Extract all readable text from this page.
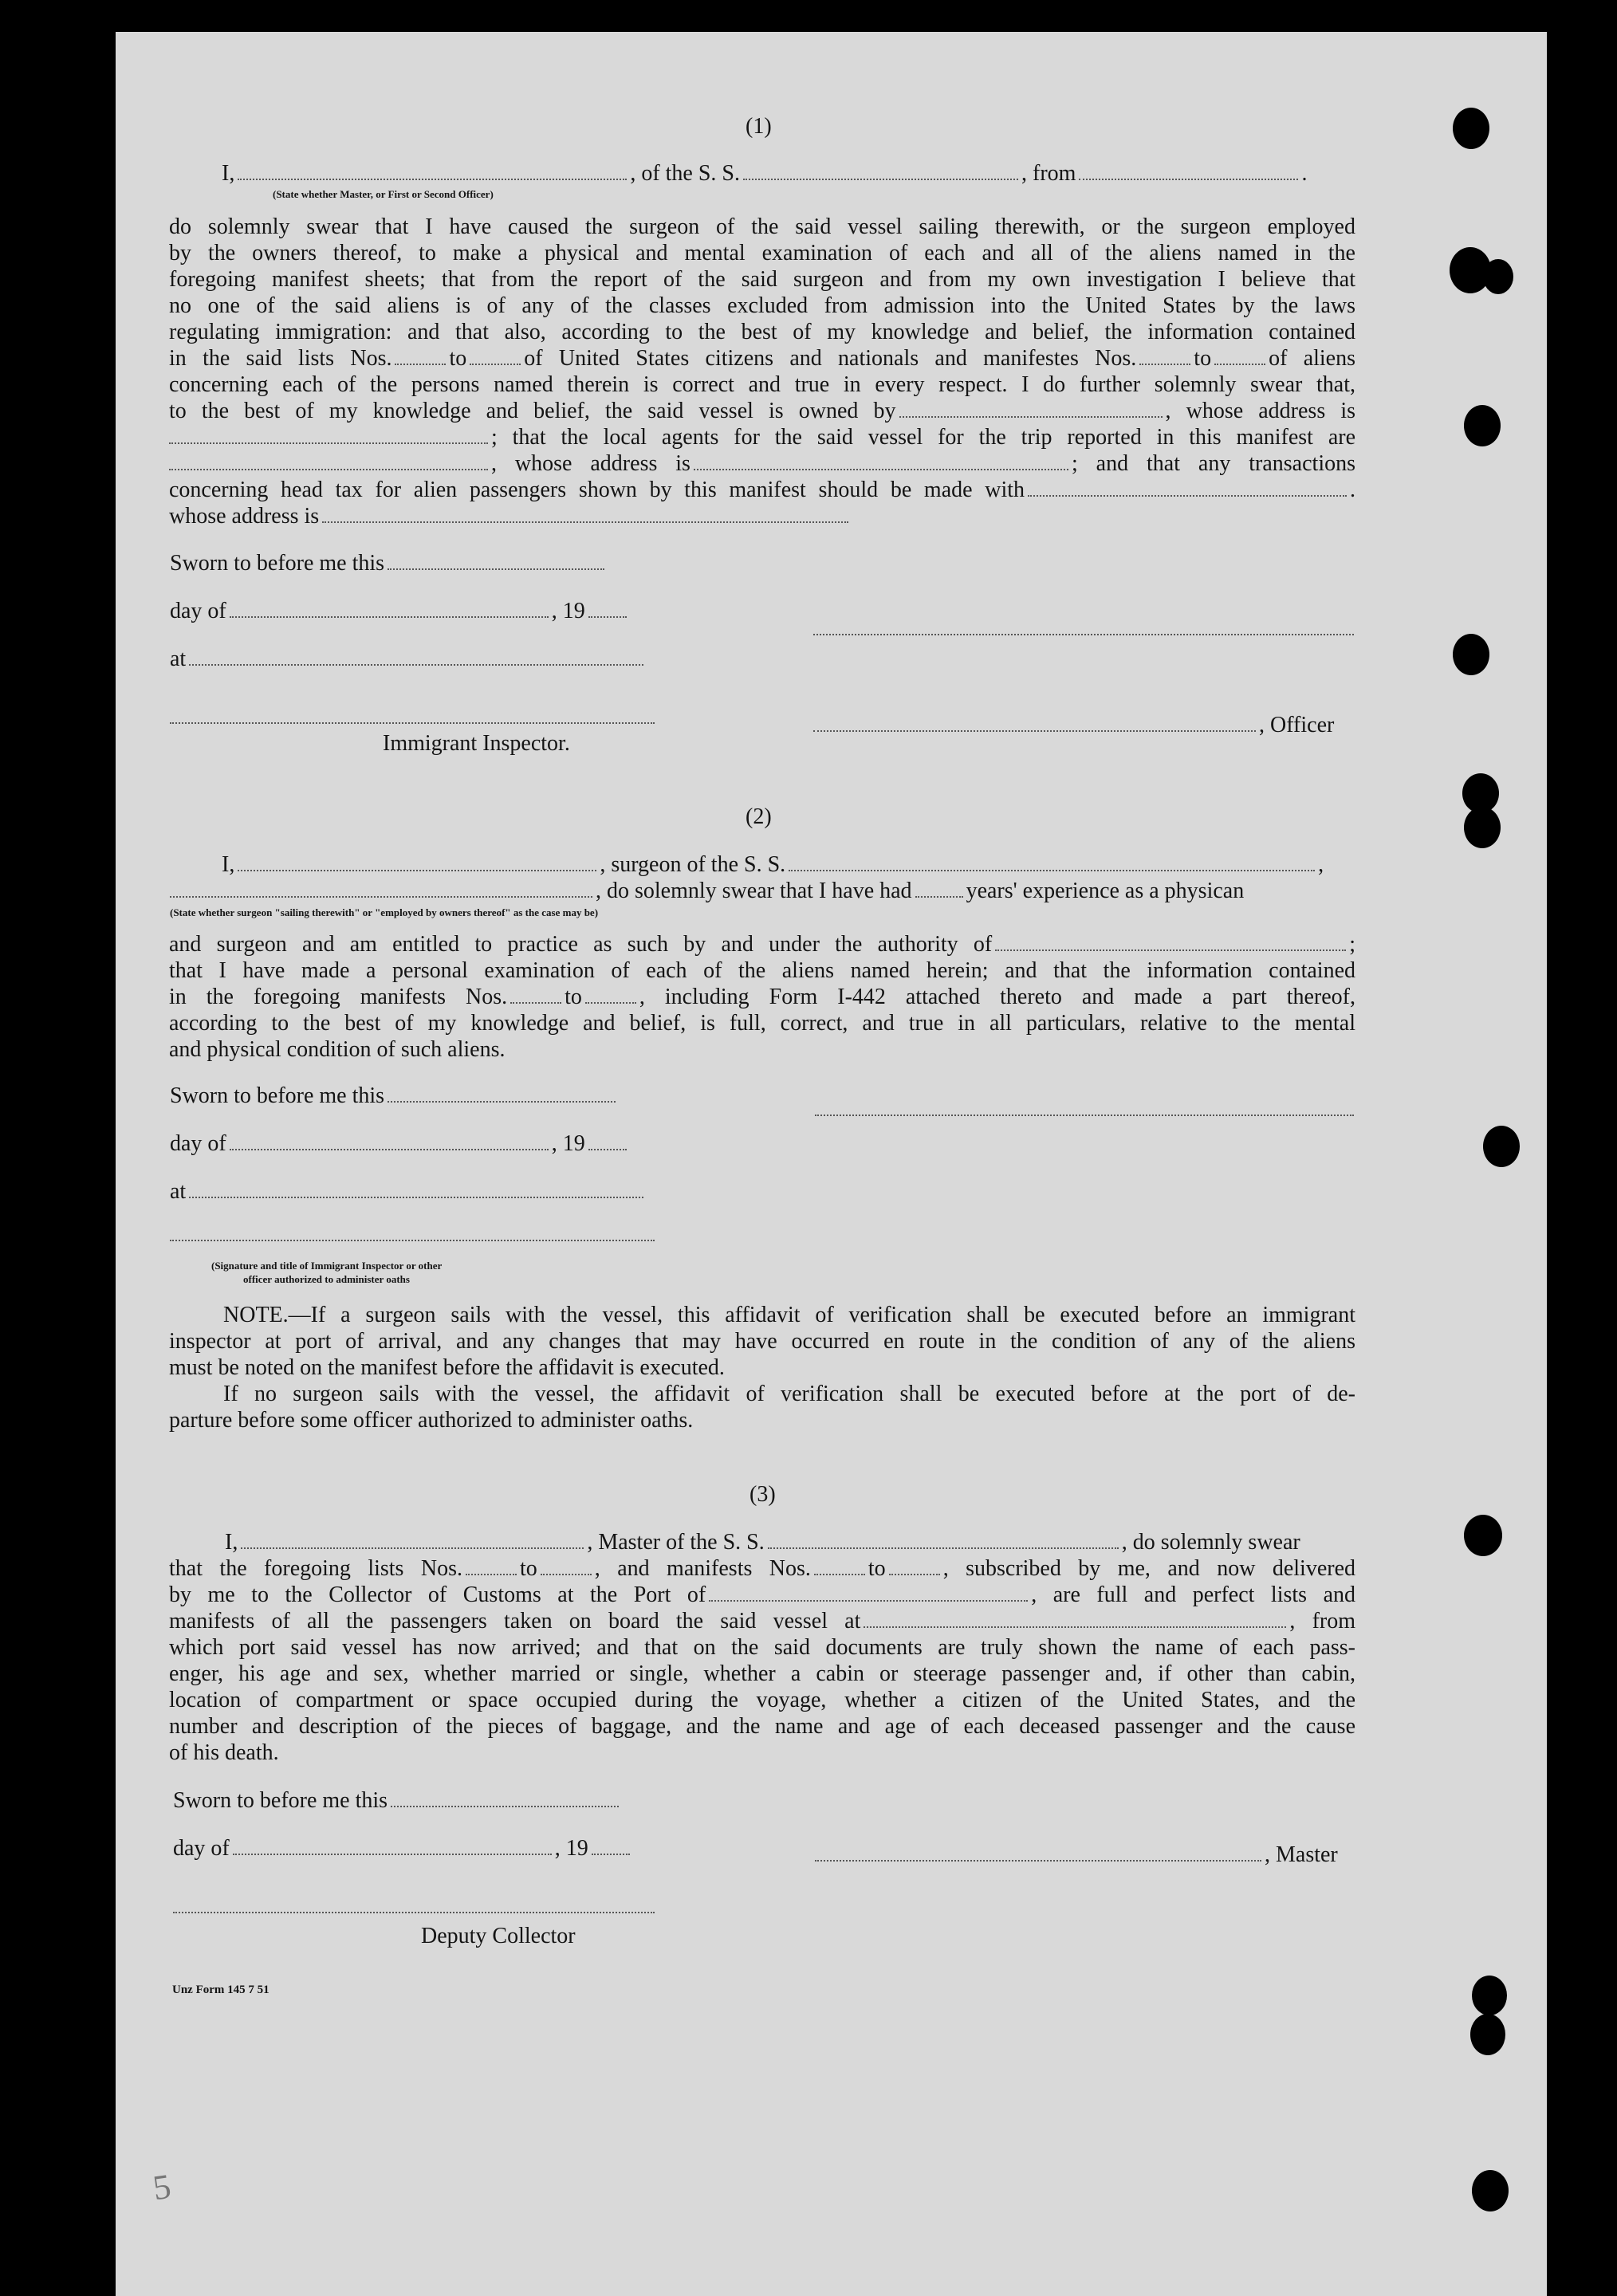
(1)
I,	, of the S. S.	, from	.
(State whether Master, or First or Second Officer)
do solemnly swear that I have caused the surgeon of the said vessel sailing therewith, or the surgeon employed
by the owners thereof, to make a physical and mental examination of each and all of the aliens named in the
foregoing manifest sheets; that from the report of the said surgeon and from my own investigation I believe that
no one of the said aliens is of any of the classes excluded from admission into the United States by the laws
regulating immigration: and that also, according to the best of my knowledge and belief, the information contained
in the said lists Nos.	to	of United States citizens and nationals and manifestes Nos.	to	of aliens
concerning each of the persons named therein is correct and true in every respect. I do further solemnly swear that,
to the best of my knowledge and belief, the said vessel is owned by	, whose address is
; that the local agents for the said vessel for the trip reported in this manifest are
, whose address is	; and that any transactions
concerning head tax for alien passengers shown by this manifest should be made with	.
whose address is
Sworn to before me this
day of	, 19
at
Immigrant Inspector.
, Officer
(2)
I,	, surgeon of the S. S.	,
, do solemnly swear that I have had years' experience as a physican
(State whether surgeon "sailing therewith" or "employed by owners thereof" as the case may be)
and surgeon and am entitled to practice as such by and under the authority of	;
that I have made a personal examination of each of the aliens named herein; and that the information contained
in the foregoing manifests Nos.	to	, including Form I-442 attached thereto and made a part thereof,
according to the best of my knowledge and belief, is full, correct, and true in all particulars, relative to the mental
and physical condition of such aliens.
Sworn to before me this
day of	, 19
at
(Signature and title of Immigrant Inspector or other
officer authorized to administer oaths
NOTE.—If a surgeon sails with the vessel, this affidavit of verification shall be executed before an immigrant
inspector at port of arrival, and any changes that may have occurred en route in the condition of any of the aliens
must be noted on the manifest before the affidavit is executed.
If no surgeon sails with the vessel, the affidavit of verification shall be executed before at the port of de-
parture before some officer authorized to administer oaths.
(3)
I,	, Master of the S. S.	, do solemnly swear
that the foregoing lists Nos.	to	, and manifests Nos.	to	, subscribed by me, and now delivered
by me to the Collector of Customs at the Port of	, are full and perfect lists and
manifests of all the passengers taken on board the said vessel at	, from
which port said vessel has now arrived; and that on the said documents are truly shown the name of each pass-
enger, his age and sex, whether married or single, whether a cabin or steerage passenger and, if other than cabin,
location of compartment or space occupied during the voyage, whether a citizen of the United States, and the
number and description of the pieces of baggage, and the name and age of each deceased passenger and the cause
of his death.
Sworn to before me this
day of	, 19	, Master
Deputy Collector
Unz Form 145 7 51
5
